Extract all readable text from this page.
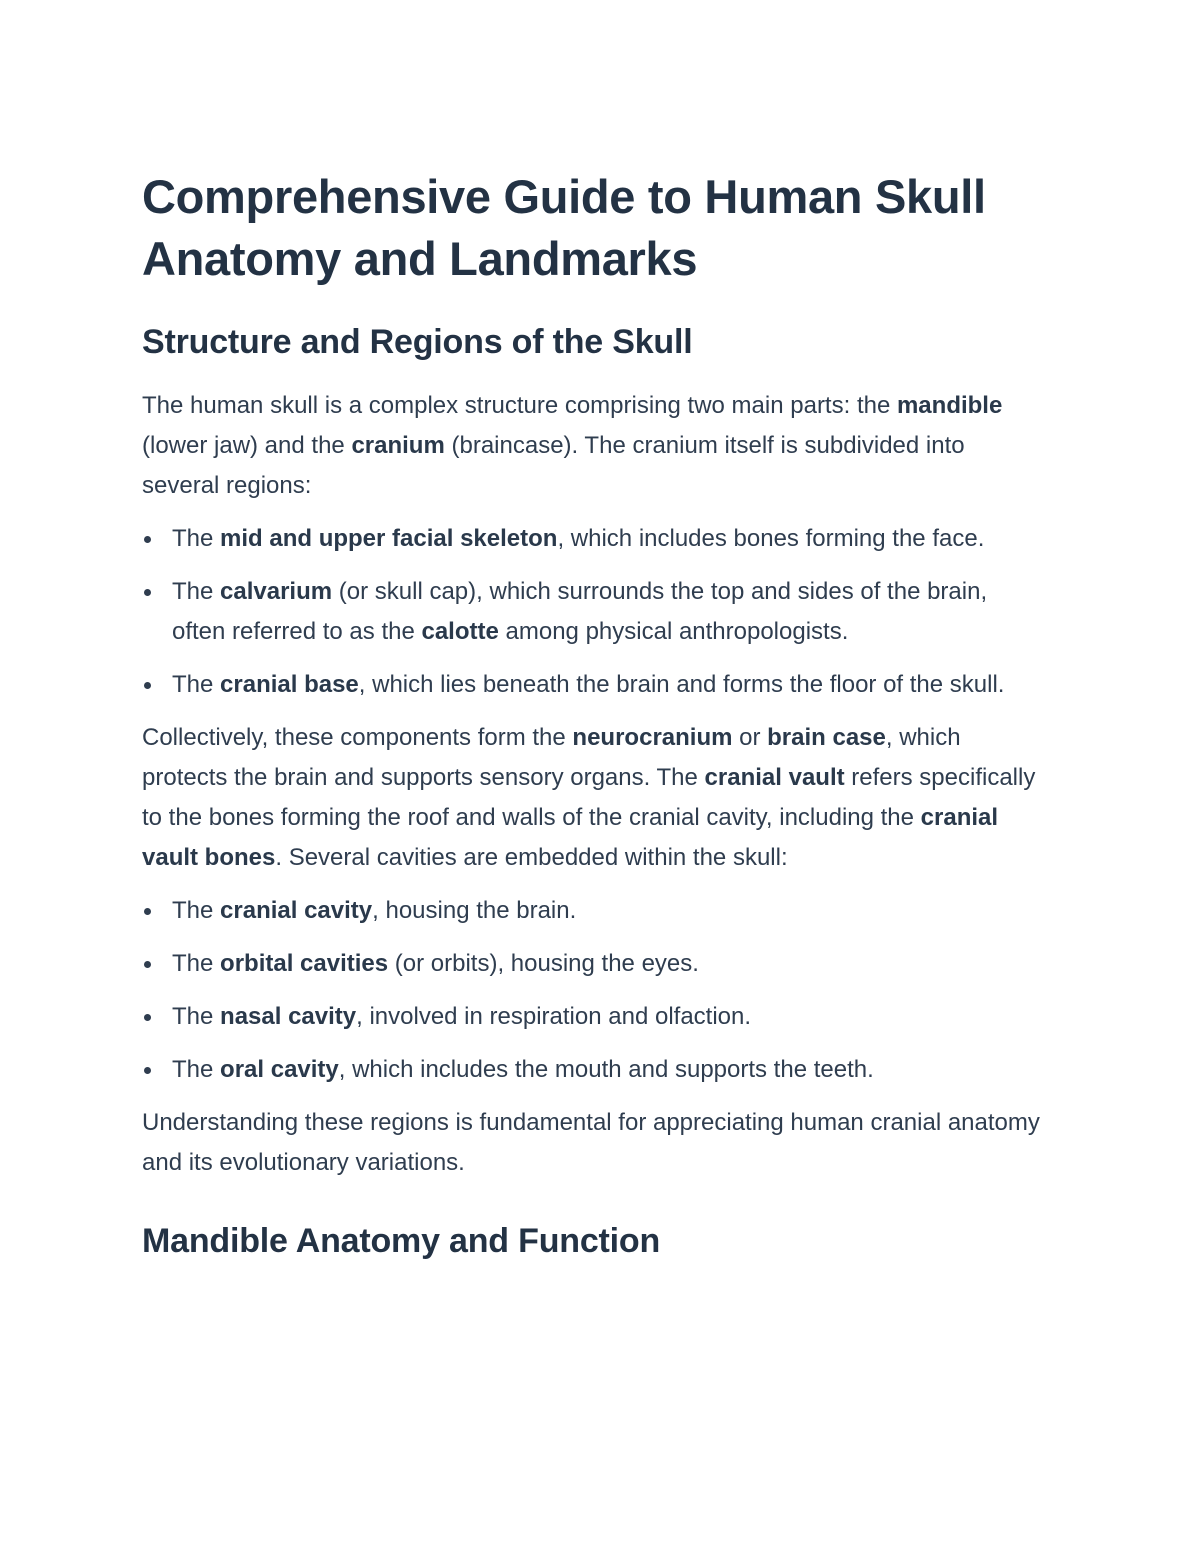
Comprehensive Guide to Human Skull Anatomy and Landmarks
Structure and Regions of the Skull

The human skull is a complex structure comprising two main parts: the mandible (lower jaw) and the cranium (braincase). The cranium itself is subdivided into several regions:

The mid and upper facial skeleton, which includes bones forming the face.
The calvarium (or skull cap), which surrounds the top and sides of the brain, often referred to as the calotte among physical anthropologists.
The cranial base, which lies beneath the brain and forms the floor of the skull.

Collectively, these components form the neurocranium or brain case, which protects the brain and supports sensory organs. The cranial vault refers specifically to the bones forming the roof and walls of the cranial cavity, including the cranial vault bones. Several cavities are embedded within the skull:

The cranial cavity, housing the brain.
The orbital cavities (or orbits), housing the eyes.
The nasal cavity, involved in respiration and olfaction.
The oral cavity, which includes the mouth and supports the teeth.

Understanding these regions is fundamental for appreciating human cranial anatomy and its evolutionary variations.

Mandible Anatomy and Function
